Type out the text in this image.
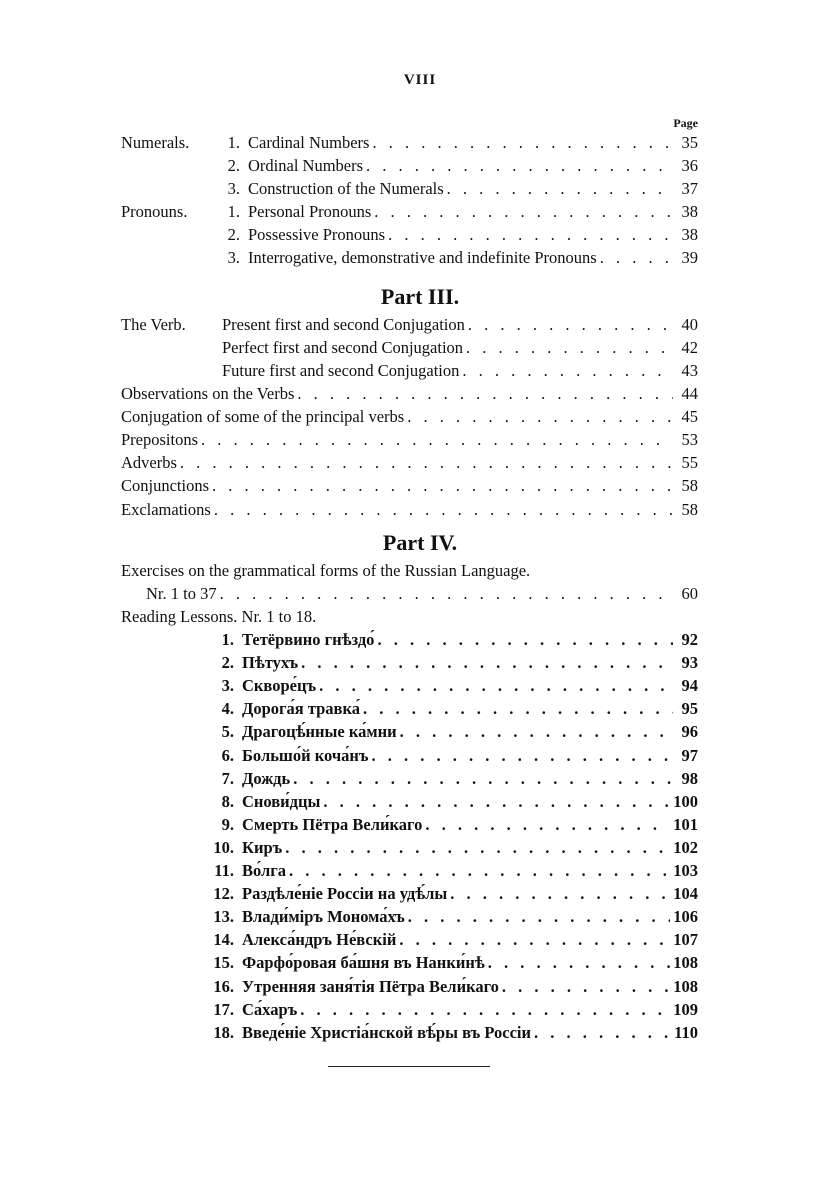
VIII
Page
Numerals.	1. Cardinal Numbers . . .	35
2. Ordinal Numbers . . .	36
3. Construction of the Numerals . . .	37
Pronouns.	1. Personal Pronouns . . .	38
2. Possessive Pronouns . . .	38
3. Interrogative, demonstrative and indefinite Pronouns . . .	39
Part III.
The Verb. Present first and second Conjugation . . .	40
Perfect first and second Conjugation . . .	42
Future first and second Conjugation . . .	43
Observations on the Verbs . . .	44
Conjugation of some of the principal verbs . . .	45
Prepositons . . .	53
Adverbs . . .	55
Conjunctions . . .	58
Exclamations . . .	58
Part IV.
Exercises on the grammatical forms of the Russian Language.
Nr. 1 to 37 . . .	60
Reading Lessons. Nr. 1 to 18.
1. Тетёрвино гнѣздо́ . . .	92
2. Пѣтухъ . . .	93
3. Скворе́цъ . . .	94
4. Дорога́я травка́ . . .	95
5. Драгоцѣ́нные ка́мни . . .	96
6. Большо́й коча́нъ . . .	97
7. Дождь . . .	98
8. Снови́дцы . . .	100
9. Смерть Пётра Вели́каго . . .	101
10. Киръ . . .	102
11. Во́лга . . .	103
12. Раздѣле́ніе Россіи на удѣ́лы . . .	104
13. Влади́міръ Монома́хъ . . .	106
14. Алекса́ндръ Не́вскій . . .	107
15. Фарфо́ровая ба́шня въ Нанки́нѣ . . .	108
16. Утренняя заня́тія Пётра Вели́каго . . .	108
17. Са́харъ . . .	109
18. Введе́ніе Христіа́нской вѣ́ры въ Россіи . . .	110
